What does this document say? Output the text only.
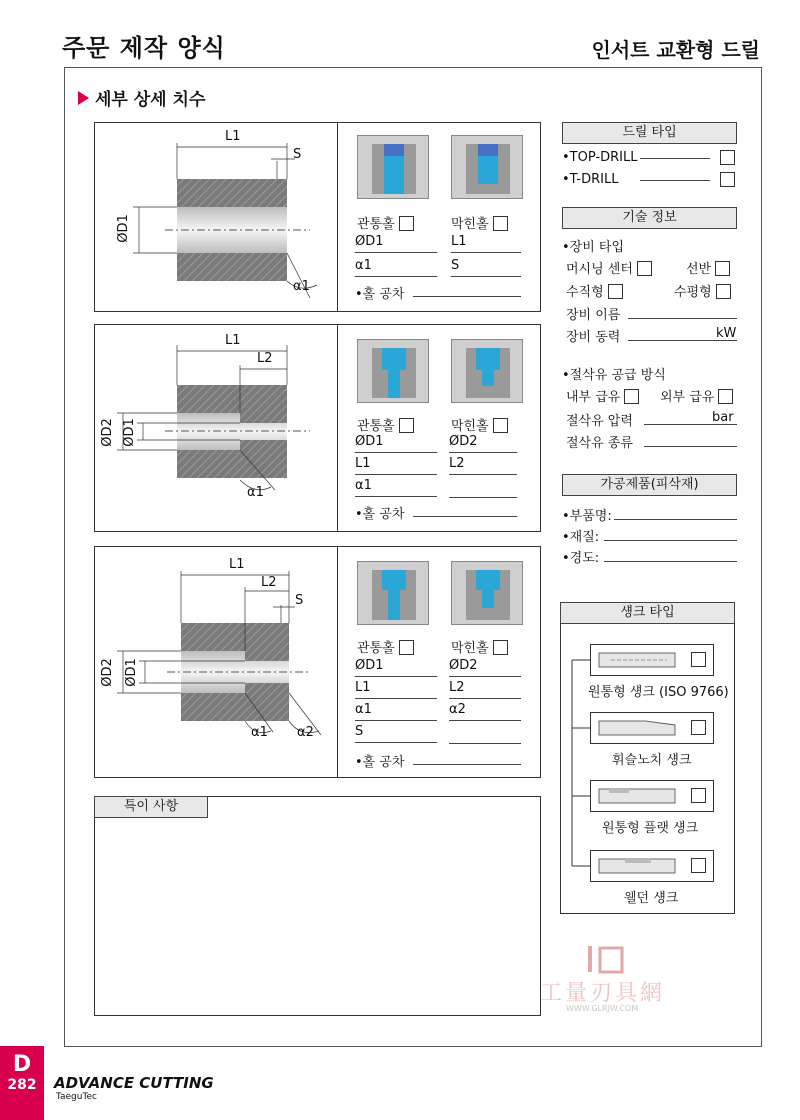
주문 제작 양식	인서트 교환형 드릴
세부 상세 치수
L1
S
ØD1
α1
관통홀	막힌홀
ØD1	L1
α1	S
•홀 공차
L1
L2
ØD2 ØD1
α1
관통홀	막힌홀
ØD1	ØD2
L1	L2
α1
•홀 공차
L1
L2
S
ØD2 ØD1
α1 α2
관통홀	막힌홀
ØD1	ØD2
L1	L2
α1	α2
S
•홀 공차
특이 사항
드릴 타입
•TOP-DRILL
•T-DRILL
기술 정보
•장비 타입
머시닝 센터	선반
수직형	수평형
장비 이름
장비 동력	kW
•절삭유 공급 방식
내부 급유	외부 급유
절삭유 압력	bar
절삭유 종류
가공제품(피삭재)
•부품명:
•재질:
•경도:
섕크 타입
원통형 섕크 (ISO 9766)
휘슬노치 섕크
원통형 플랫 섕크
웰던 섕크
工量刃具網
WWW.GLRJW.COM
D
282	ADVANCE CUTTING
TaeguTec
